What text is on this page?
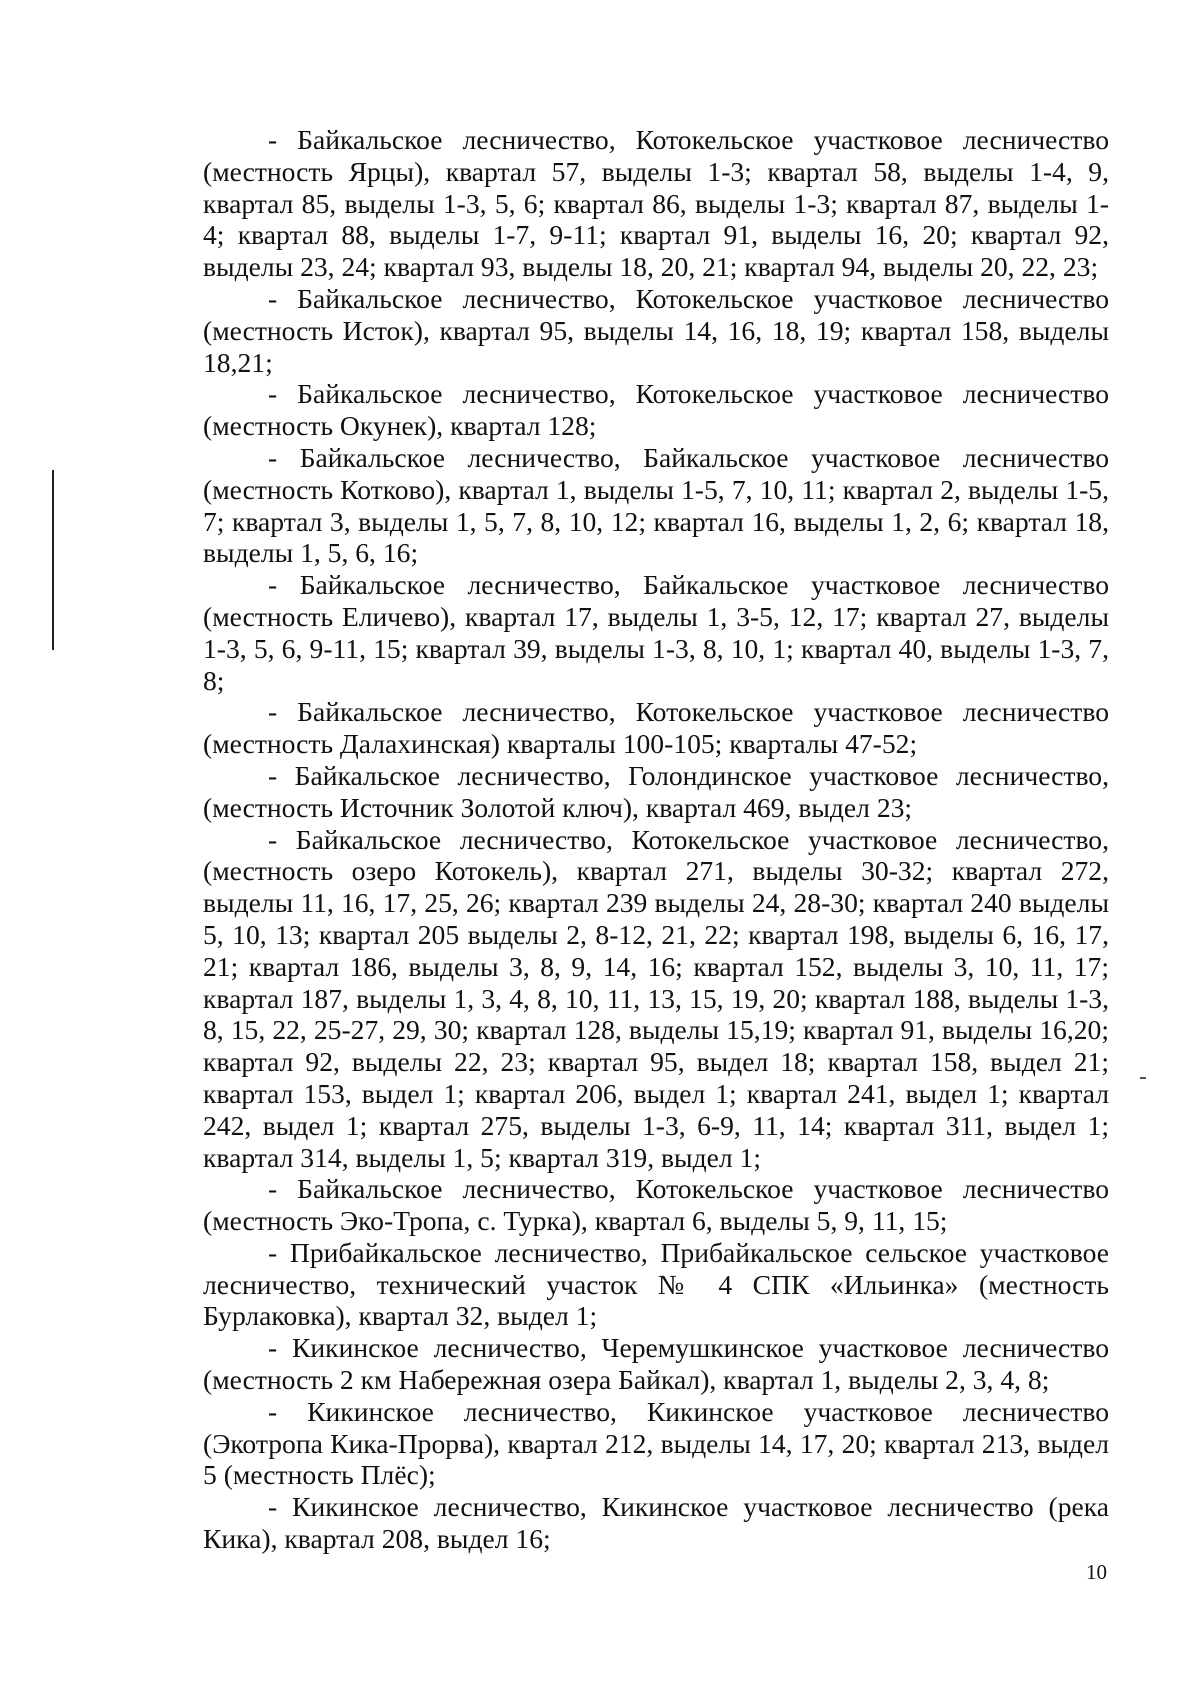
- Байкальское лесничество, Котокельское участковое лесничество (местность Ярцы), квартал 57, выделы 1-3; квартал 58, выделы 1-4, 9, квартал 85, выделы 1-3, 5, 6; квартал 86, выделы 1-3; квартал 87, выделы 1-4; квартал 88, выделы 1-7, 9-11; квартал 91, выделы 16, 20; квартал 92, выделы 23, 24; квартал 93, выделы 18, 20, 21; квартал 94, выделы 20, 22, 23;

- Байкальское лесничество, Котокельское участковое лесничество (местность Исток), квартал 95, выделы 14, 16, 18, 19; квартал 158, выделы 18,21;

- Байкальское лесничество, Котокельское участковое лесничество (местность Окунек), квартал 128;

- Байкальское лесничество, Байкальское участковое лесничество (местность Котково), квартал 1, выделы 1-5, 7, 10, 11; квартал 2, выделы 1-5, 7; квартал 3, выделы 1, 5, 7, 8, 10, 12; квартал 16, выделы 1, 2, 6; квартал 18, выделы 1, 5, 6, 16;

- Байкальское лесничество, Байкальское участковое лесничество (местность Еличево), квартал 17, выделы 1, 3-5, 12, 17; квартал 27, выделы 1-3, 5, 6, 9-11, 15; квартал 39, выделы 1-3, 8, 10, 1; квартал 40, выделы 1-3, 7, 8;

- Байкальское лесничество, Котокельское участковое лесничество (местность Далахинская) кварталы 100-105; кварталы 47-52;

- Байкальское лесничество, Голондинское участковое лесничество, (местность Источник Золотой ключ), квартал 469, выдел 23;

- Байкальское лесничество, Котокельское участковое лесничество, (местность озеро Котокель), квартал 271, выделы 30-32; квартал 272, выделы 11, 16, 17, 25, 26; квартал 239 выделы 24, 28-30; квартал 240 выделы 5, 10, 13; квартал 205 выделы 2, 8-12, 21, 22; квартал 198, выделы 6, 16, 17, 21; квартал 186, выделы 3, 8, 9, 14, 16; квартал 152, выделы 3, 10, 11, 17; квартал 187, выделы 1, 3, 4, 8, 10, 11, 13, 15, 19, 20; квартал 188, выделы 1-3, 8, 15, 22, 25-27, 29, 30; квартал 128, выделы 15,19; квартал 91, выделы 16,20; квартал 92, выделы 22, 23; квартал 95, выдел 18; квартал 158, выдел 21; квартал 153, выдел 1; квартал 206, выдел 1; квартал 241, выдел 1; квартал 242, выдел 1; квартал 275, выделы 1-3, 6-9, 11, 14; квартал 311, выдел 1; квартал 314, выделы 1, 5; квартал 319, выдел 1;

- Байкальское лесничество, Котокельское участковое лесничество (местность Эко-Тропа, с. Турка), квартал 6, выделы 5, 9, 11, 15;

- Прибайкальское лесничество, Прибайкальское сельское участковое лесничество, технический участок № 4 СПК «Ильинка» (местность Бурлаковка), квартал 32, выдел 1;

- Кикинское лесничество, Черемушкинское участковое лесничество (местность 2 км Набережная озера Байкал), квартал 1, выделы 2, 3, 4, 8;

- Кикинское лесничество, Кикинское участковое лесничество (Экотропа Кика-Прорва), квартал 212, выделы 14, 17, 20; квартал 213, выдел 5 (местность Плёс);

- Кикинское лесничество, Кикинское участковое лесничество (река Кика), квартал 208, выдел 16;

10
